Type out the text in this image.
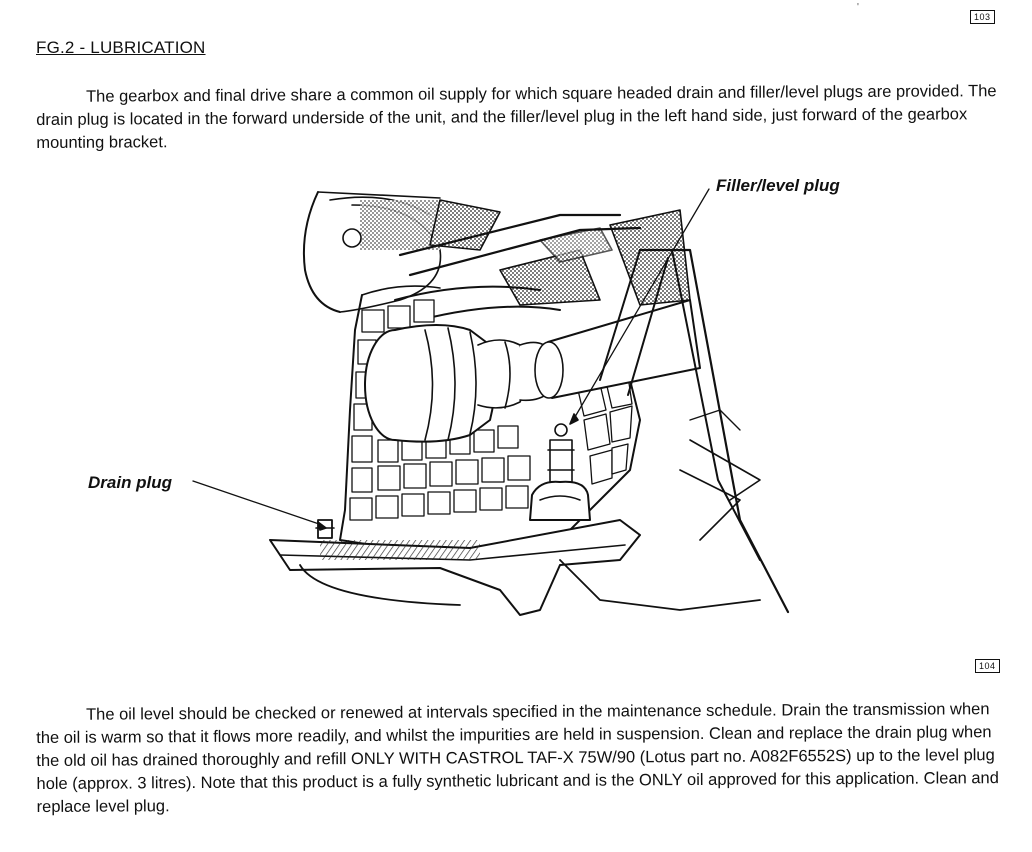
'
103
FG.2 - LUBRICATION
The gearbox and final drive share a common oil supply for which square headed drain and filler/level plugs are provided. The drain plug is located in the forward underside of the unit, and the filler/level plug in the left hand side, just forward of the gearbox mounting bracket.
Filler/level plug
Drain plug
104
The oil level should be checked or renewed at intervals specified in the maintenance schedule. Drain the transmission when the oil is warm so that it flows more readily, and whilst the impurities are held in suspension. Clean and replace the drain plug when the old oil has drained thoroughly and refill ONLY WITH CASTROL TAF-X 75W/90 (Lotus part no. A082F6552S) up to the level plug hole (approx. 3 litres). Note that this product is a fully synthetic lubricant and is the ONLY oil approved for this application. Clean and replace level plug.
